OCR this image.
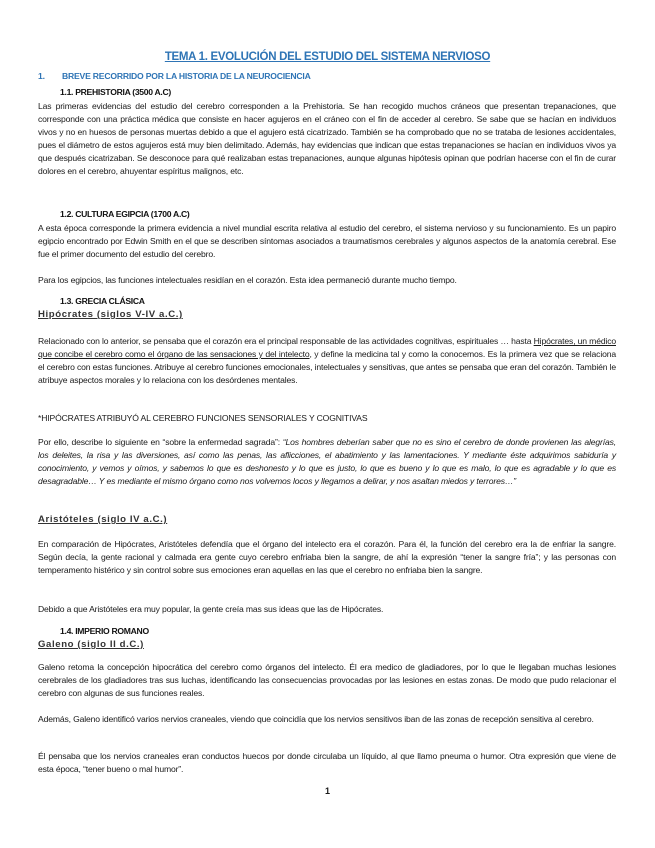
TEMA 1. EVOLUCIÓN DEL ESTUDIO DEL SISTEMA NERVIOSO
1. BREVE RECORRIDO POR LA HISTORIA DE LA NEUROCIENCIA
1.1. PREHISTORIA (3500 A.C)

Las primeras evidencias del estudio del cerebro corresponden a la Prehistoria. Se han recogido muchos cráneos que presentan trepanaciones, que corresponde con una práctica médica que consiste en hacer agujeros en el cráneo con el fin de acceder al cerebro. Se sabe que se hacían en individuos vivos y no en huesos de personas muertas debido a que el agujero está cicatrizado. También se ha comprobado que no se trataba de lesiones accidentales, pues el diámetro de estos agujeros está muy bien delimitado. Además, hay evidencias que indican que estas trepanaciones se hacían en individuos vivos ya que después cicatrizaban. Se desconoce para qué realizaban estas trepanaciones, aunque algunas hipótesis opinan que podrían hacerse con el fin de curar dolores en el cerebro, ahuyentar espíritus malignos, etc.

1.2. CULTURA EGIPCIA (1700 A.C)

A esta época corresponde la primera evidencia a nivel mundial escrita relativa al estudio del cerebro, el sistema nervioso y su funcionamiento. Es un papiro egipcio encontrado por Edwin Smith en el que se describen síntomas asociados a traumatismos cerebrales y algunos aspectos de la anatomía cerebral. Ese fue el primer documento del estudio del cerebro.

Para los egipcios, las funciones intelectuales residían en el corazón. Esta idea permaneció durante mucho tiempo.

1.3. GRECIA CLÁSICA
Hipócrates (siglos V-IV a.C.)

Relacionado con lo anterior, se pensaba que el corazón era el principal responsable de las actividades cognitivas, espirituales … hasta Hipócrates, un médico que concibe el cerebro como el órgano de las sensaciones y del intelecto, y define la medicina tal y como la conocemos. Es la primera vez que se relaciona el cerebro con estas funciones. Atribuye al cerebro funciones emocionales, intelectuales y sensitivas, que antes se pensaba que eran del corazón. También le atribuye aspectos morales y lo relaciona con los desórdenes mentales.

*HIPÓCRATES ATRIBUYÓ AL CEREBRO FUNCIONES SENSORIALES Y COGNITIVAS

Por ello, describe lo siguiente en “sobre la enfermedad sagrada”: “Los hombres deberían saber que no es sino el cerebro de donde provienen las alegrías, los deleites, la risa y las diversiones, así como las penas, las aflicciones, el abatimiento y las lamentaciones. Y mediante éste adquirimos sabiduría y conocimiento, y vemos y oímos, y sabemos lo que es deshonesto y lo que es justo, lo que es bueno y lo que es malo, lo que es agradable y lo que es desagradable… Y es mediante el mismo órgano como nos volvemos locos y llegamos a delirar, y nos asaltan miedos y terrores…”

Aristóteles (siglo IV a.C.)

En comparación de Hipócrates, Aristóteles defendía que el órgano del intelecto era el corazón. Para él, la función del cerebro era la de enfriar la sangre. Según decía, la gente racional y calmada era gente cuyo cerebro enfriaba bien la sangre, de ahí la expresión “tener la sangre fría”; y las personas con temperamento histérico y sin control sobre sus emociones eran aquellas en las que el cerebro no enfriaba bien la sangre.

Debido a que Aristóteles era muy popular, la gente creía mas sus ideas que las de Hipócrates.

1.4. IMPERIO ROMANO
Galeno (siglo II d.C.)

Galeno retoma la concepción hipocrática del cerebro como órganos del intelecto. Él era medico de gladiadores, por lo que le llegaban muchas lesiones cerebrales de los gladiadores tras sus luchas, identificando las consecuencias provocadas por las lesiones en estas zonas. De modo que pudo relacionar el cerebro con algunas de sus funciones reales.

Además, Galeno identificó varios nervios craneales, viendo que coincidía que los nervios sensitivos iban de las zonas de recepción sensitiva al cerebro.

Él pensaba que los nervios craneales eran conductos huecos por donde circulaba un líquido, al que llamo pneuma o humor. Otra expresión que viene de esta época, “tener bueno o mal humor”.

1
